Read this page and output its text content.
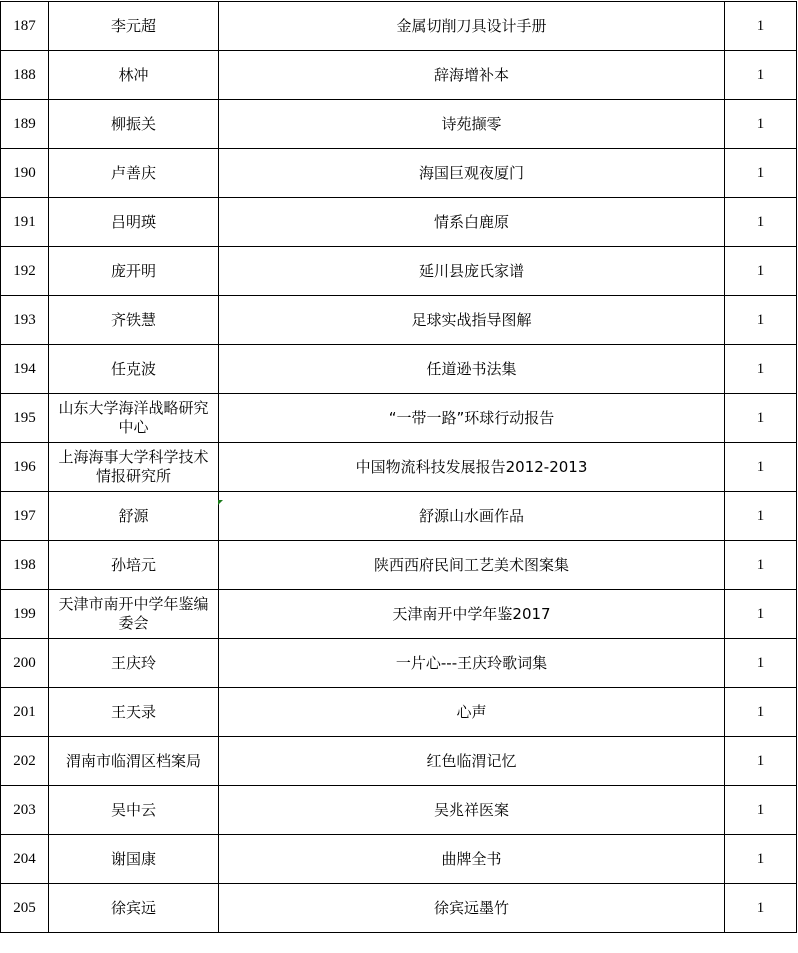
187	李元超	金属切削刀具设计手册	1
188	林冲	辞海增补本	1
189	柳振关	诗苑撷零	1
190	卢善庆	海国巨观夜厦门	1
191	吕明瑛	情系白鹿原	1
192	庞开明	延川县庞氏家谱	1
193	齐铁慧	足球实战指导图解	1
194	任克波	任道逊书法集	1
195	山东大学海洋战略研究中心	“一带一路”环球行动报告	1
196	上海海事大学科学技术情报研究所	中国物流科技发展报告2012-2013	1
197	舒源	舒源山水画作品	1
198	孙培元	陕西西府民间工艺美术图案集	1
199	天津市南开中学年鉴编委会	天津南开中学年鉴2017	1
200	王庆玲	一片心---王庆玲歌词集	1
201	王天录	心声	1
202	渭南市临渭区档案局	红色临渭记忆	1
203	吴中云	吴兆祥医案	1
204	谢国康	曲牌全书	1
205	徐宾远	徐宾远墨竹	1
